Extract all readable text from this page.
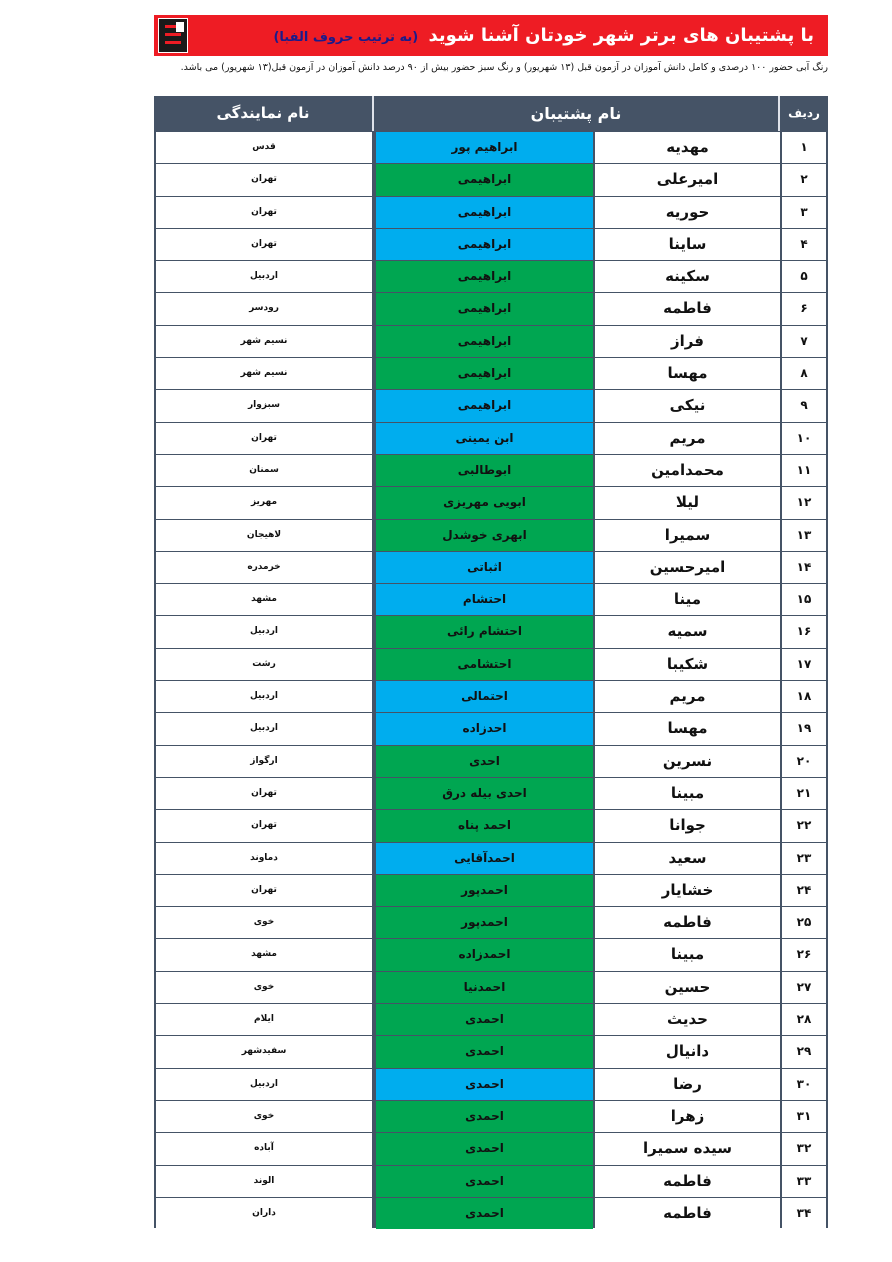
با پشتیبان های برتر شهر خودتان آشنا شوید (به ترتیب حروف الفبا)
رنگ آبی حضور ۱۰۰ درصدی و کامل دانش آموزان در آزمون قبل (۱۳ شهریور) و رنگ سبز حضور بیش از ۹۰ درصد دانش آموزان در آزمون قبل(۱۳ شهریور) می باشد.
ردیف
نام پشتیبان
نام نمایندگی
۱
مهدیه
ابراهیم پور
قدس
۲
امیرعلی
ابراهیمی
تهران
۳
حوریه
ابراهیمی
تهران
۴
ساینا
ابراهیمی
تهران
۵
سکینه
ابراهیمی
اردبیل
۶
فاطمه
ابراهیمی
رودسر
۷
فراز
ابراهیمی
نسیم شهر
۸
مهسا
ابراهیمی
نسیم شهر
۹
نیکی
ابراهیمی
سبزوار
۱۰
مریم
ابن یمینی
تهران
۱۱
محمدامین
ابوطالبی
سمنان
۱۲
لیلا
ابویی مهریزی
مهریز
۱۳
سمیرا
ابهری خوشدل
لاهیجان
۱۴
امیرحسین
اثباتی
خرمدره
۱۵
مینا
احتشام
مشهد
۱۶
سمیه
احتشام رائی
اردبیل
۱۷
شکیبا
احتشامی
رشت
۱۸
مریم
احتمالی
اردبیل
۱۹
مهسا
احدزاده
اردبیل
۲۰
نسرین
احدی
ارگواز
۲۱
مبینا
احدی بیله درق
تهران
۲۲
جوانا
احمد پناه
تهران
۲۳
سعید
احمدآقایی
دماوند
۲۴
خشایار
احمدپور
تهران
۲۵
فاطمه
احمدپور
خوی
۲۶
مبینا
احمدزاده
مشهد
۲۷
حسین
احمدنیا
خوی
۲۸
حدیث
احمدی
ایلام
۲۹
دانیال
احمدی
سفیدشهر
۳۰
رضا
احمدی
اردبیل
۳۱
زهرا
احمدی
خوی
۳۲
سیده سمیرا
احمدی
آباده
۳۳
فاطمه
احمدی
الوند
۳۴
فاطمه
احمدی
داران
